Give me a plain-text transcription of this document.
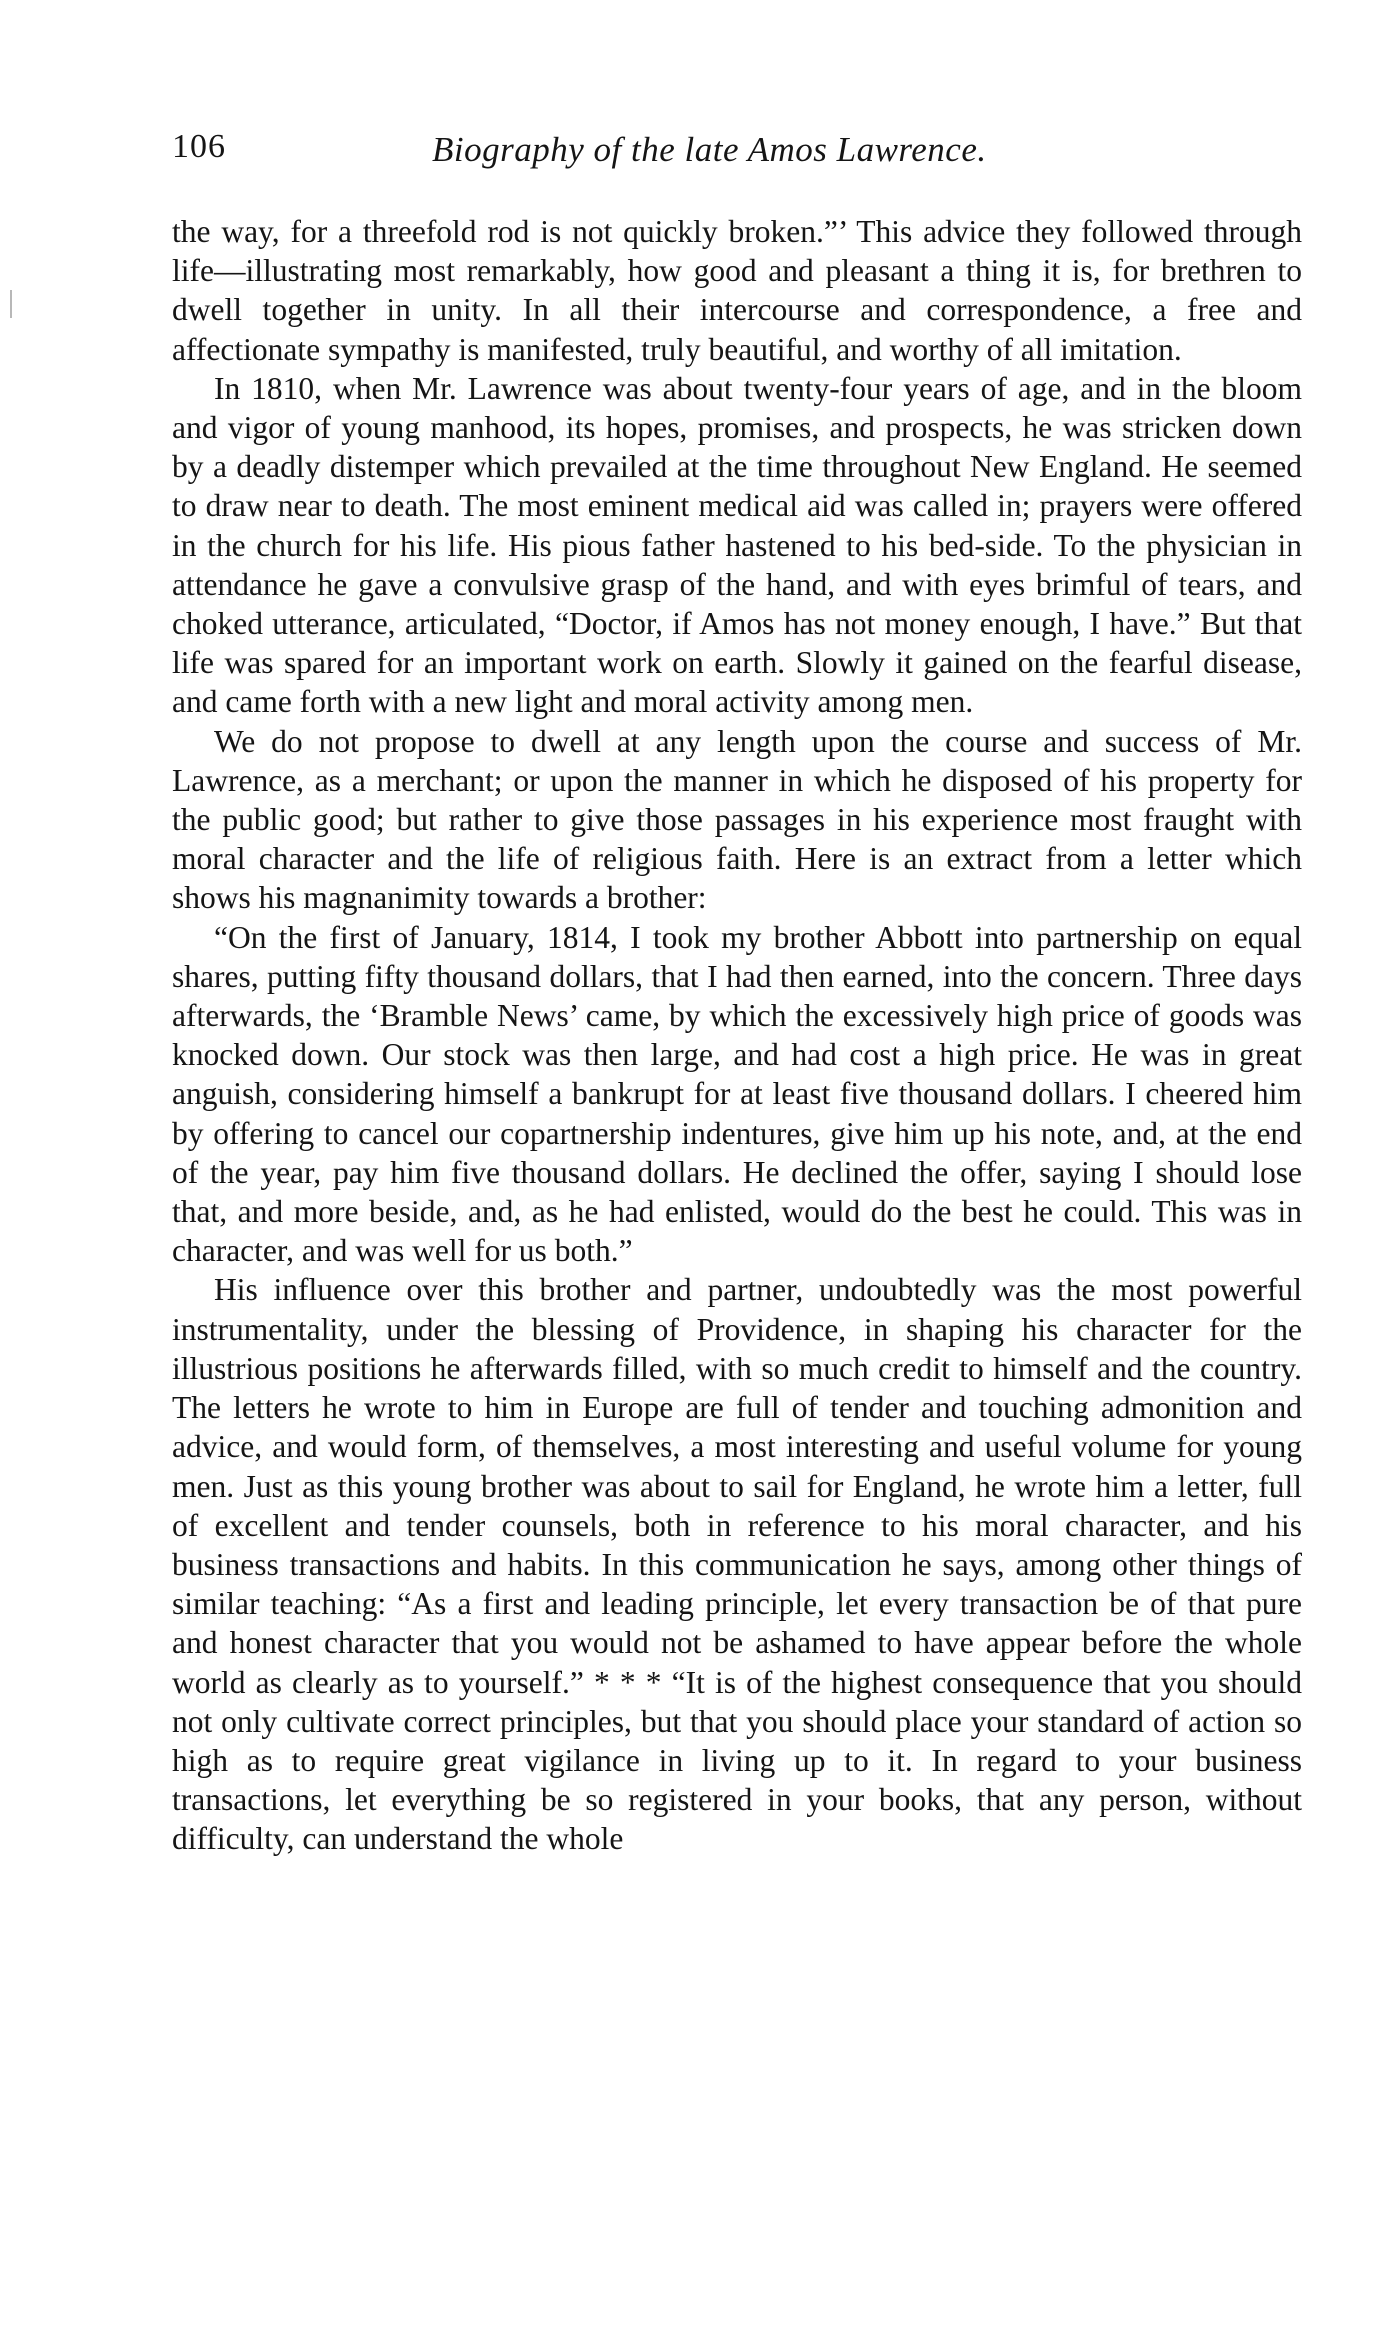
106	Biography of the late Amos Lawrence.

the way, for a threefold rod is not quickly broken.”’ This advice they followed through life—illustrating most remarkably, how good and pleasant a thing it is, for brethren to dwell together in unity. In all their intercourse and correspondence, a free and affectionate sympathy is manifested, truly beautiful, and worthy of all imitation.

In 1810, when Mr. Lawrence was about twenty-four years of age, and in the bloom and vigor of young manhood, its hopes, promises, and prospects, he was stricken down by a deadly distemper which prevailed at the time throughout New England. He seemed to draw near to death. The most eminent medical aid was called in; prayers were offered in the church for his life. His pious father hastened to his bed-side. To the physician in attendance he gave a convulsive grasp of the hand, and with eyes brimful of tears, and choked utterance, articulated, “Doctor, if Amos has not money enough, I have.” But that life was spared for an important work on earth. Slowly it gained on the fearful disease, and came forth with a new light and moral activity among men.

We do not propose to dwell at any length upon the course and success of Mr. Lawrence, as a merchant; or upon the manner in which he disposed of his property for the public good; but rather to give those passages in his experience most fraught with moral character and the life of religious faith. Here is an extract from a letter which shows his magnanimity towards a brother:

“On the first of January, 1814, I took my brother Abbott into partnership on equal shares, putting fifty thousand dollars, that I had then earned, into the concern. Three days afterwards, the ‘Bramble News’ came, by which the excessively high price of goods was knocked down. Our stock was then large, and had cost a high price. He was in great anguish, considering himself a bankrupt for at least five thousand dollars. I cheered him by offering to cancel our copartnership indentures, give him up his note, and, at the end of the year, pay him five thousand dollars. He declined the offer, saying I should lose that, and more beside, and, as he had enlisted, would do the best he could. This was in character, and was well for us both.”

His influence over this brother and partner, undoubtedly was the most powerful instrumentality, under the blessing of Providence, in shaping his character for the illustrious positions he afterwards filled, with so much credit to himself and the country. The letters he wrote to him in Europe are full of tender and touching admonition and advice, and would form, of themselves, a most interesting and useful volume for young men. Just as this young brother was about to sail for England, he wrote him a letter, full of excellent and tender counsels, both in reference to his moral character, and his business transactions and habits. In this communication he says, among other things of similar teaching: “As a first and leading principle, let every transaction be of that pure and honest character that you would not be ashamed to have appear before the whole world as clearly as to yourself.” * * * “It is of the highest consequence that you should not only cultivate correct principles, but that you should place your standard of action so high as to require great vigilance in living up to it. In regard to your business transactions, let everything be so registered in your books, that any person, without difficulty, can understand the whole
